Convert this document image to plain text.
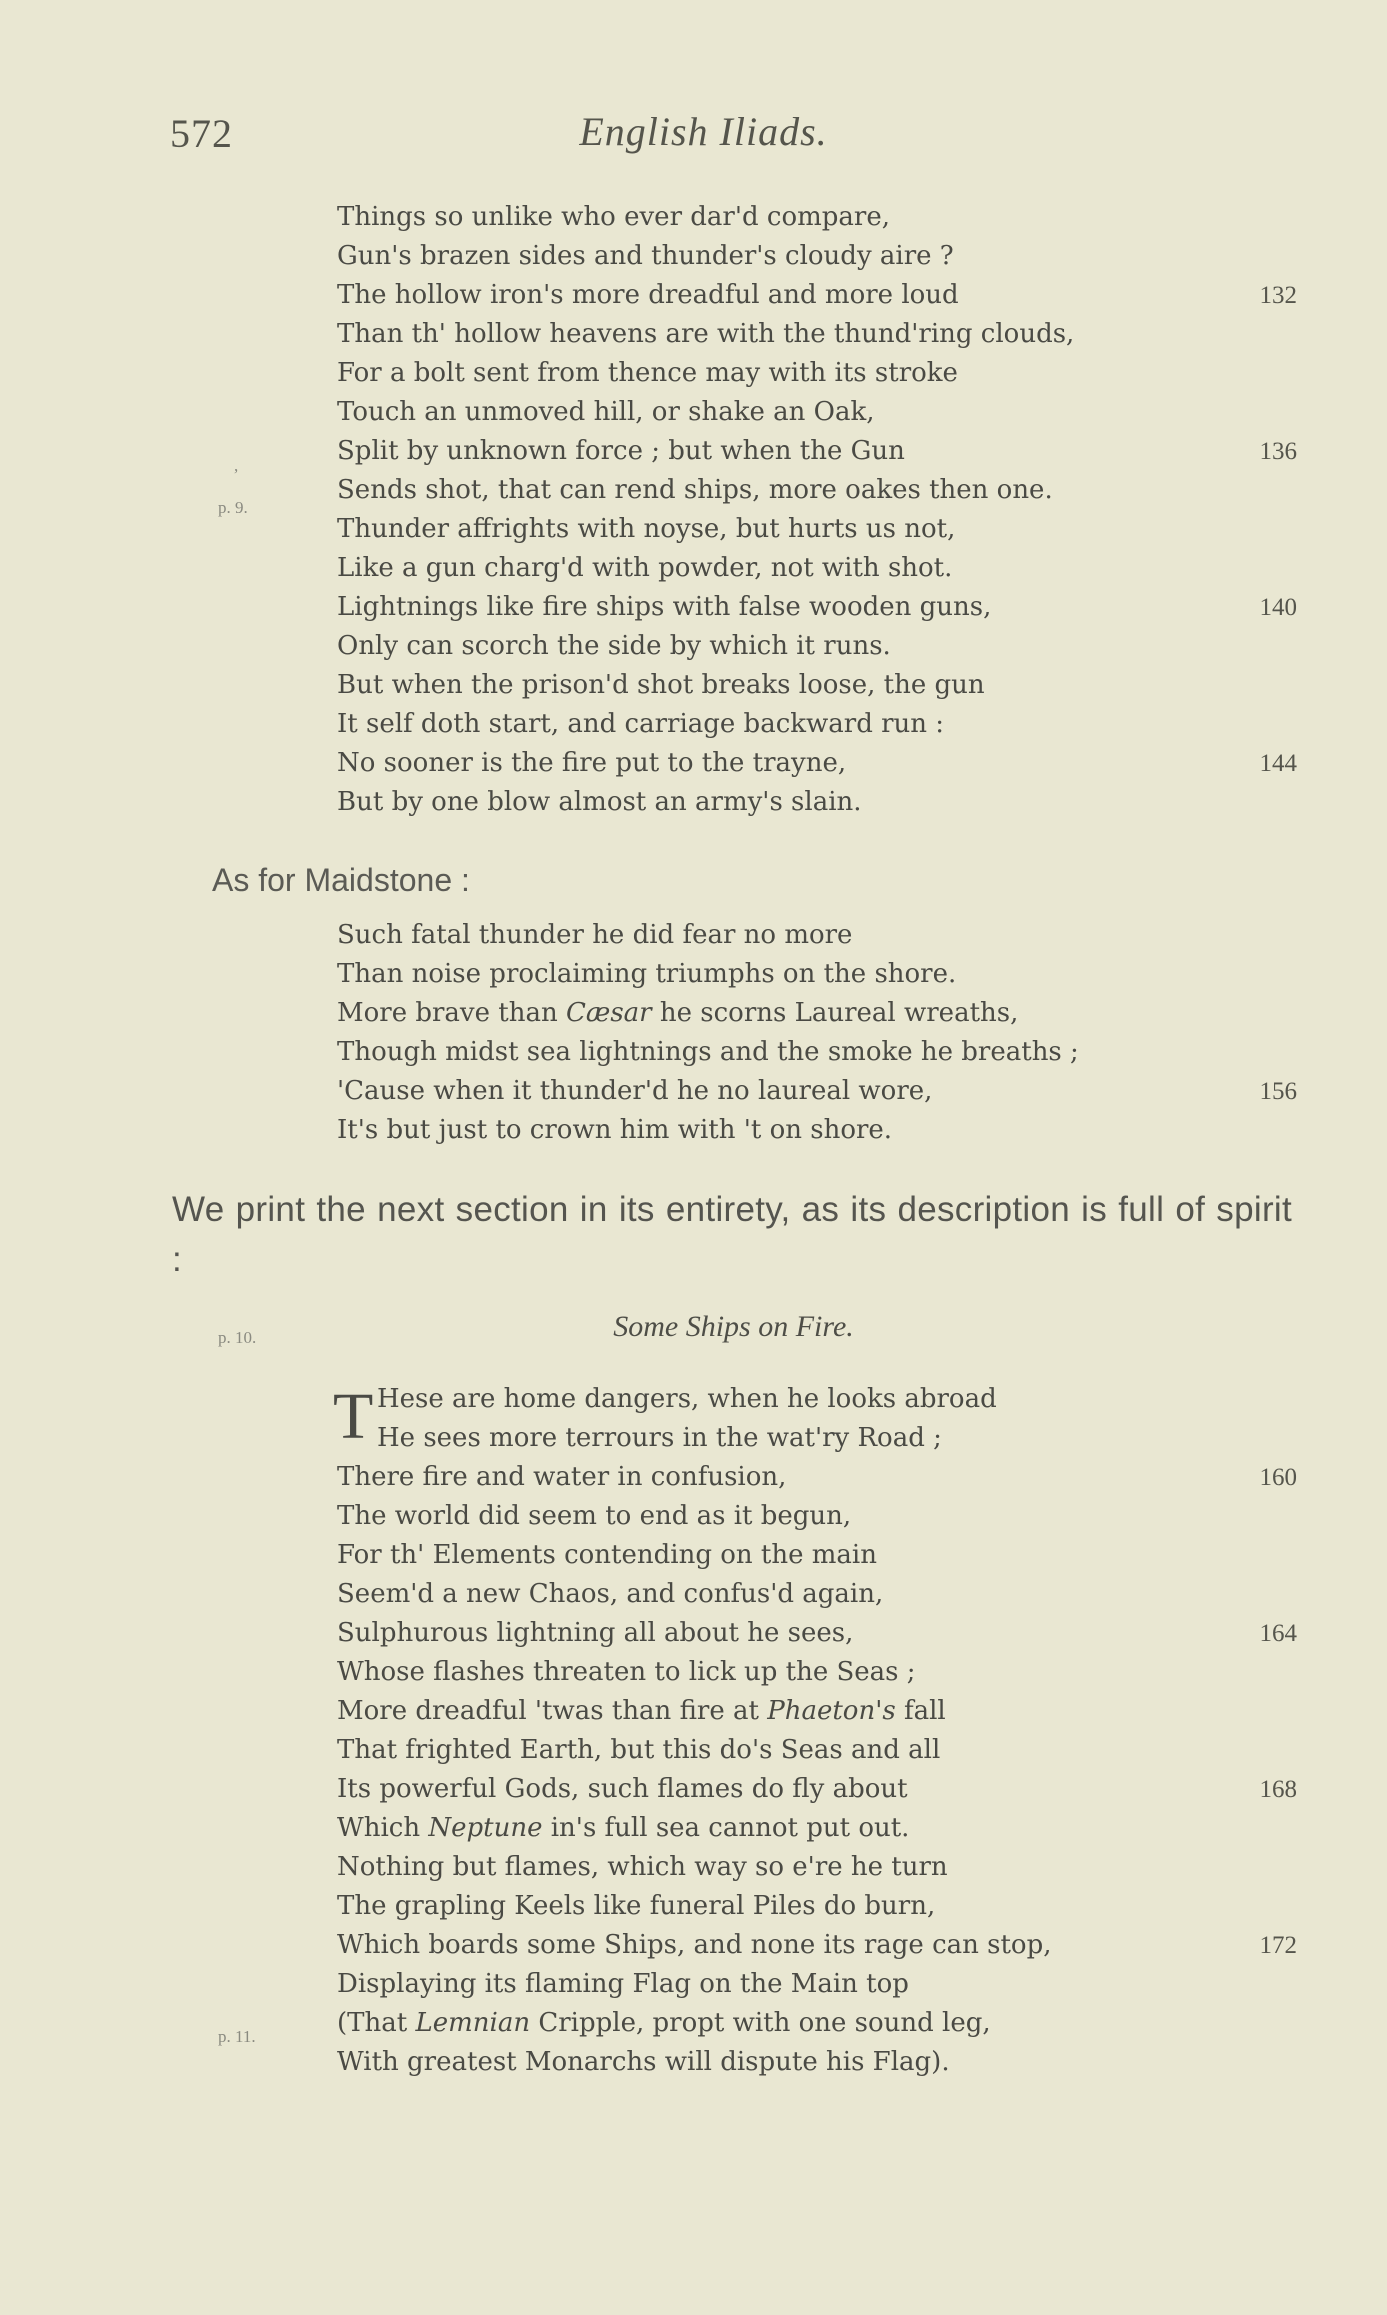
572	English Iliads.
,
p. 9.
p. 10.
p. 11.
Things so unlike who ever dar'd compare,
Gun's brazen sides and thunder's cloudy aire ?
The hollow iron's more dreadful and more loud	132
Than th' hollow heavens are with the thund'ring clouds,
For a bolt sent from thence may with its stroke
Touch an unmoved hill, or shake an Oak,
Split by unknown force ; but when the Gun	136
Sends shot, that can rend ships, more oakes then one.
Thunder affrights with noyse, but hurts us not,
Like a gun charg'd with powder, not with shot.
Lightnings like fire ships with false wooden guns,	140
Only can scorch the side by which it runs.
But when the prison'd shot breaks loose, the gun
It self doth start, and carriage backward run :
No sooner is the fire put to the trayne,	144
But by one blow almost an army's slain.
As for Maidstone :
Such fatal thunder he did fear no more
Than noise proclaiming triumphs on the shore.
More brave than Cæsar he scorns Laureal wreaths,
Though midst sea lightnings and the smoke he breaths ;
'Cause when it thunder'd he no laureal wore,	156
It's but just to crown him with 't on shore.
We print the next section in its entirety, as its description is full of spirit :
Some Ships on Fire.
T Hese are home dangers, when he looks abroad
He sees more terrours in the wat'ry Road ;
There fire and water in confusion,	160
The world did seem to end as it begun,
For th' Elements contending on the main
Seem'd a new Chaos, and confus'd again,
Sulphurous lightning all about he sees,	164
Whose flashes threaten to lick up the Seas ;
More dreadful 'twas than fire at Phaeton's fall
That frighted Earth, but this do's Seas and all
Its powerful Gods, such flames do fly about	168
Which Neptune in's full sea cannot put out.
Nothing but flames, which way so e're he turn
The grapling Keels like funeral Piles do burn,
Which boards some Ships, and none its rage can stop,	172
Displaying its flaming Flag on the Main top
(That Lemnian Cripple, propt with one sound leg,
With greatest Monarchs will dispute his Flag).
